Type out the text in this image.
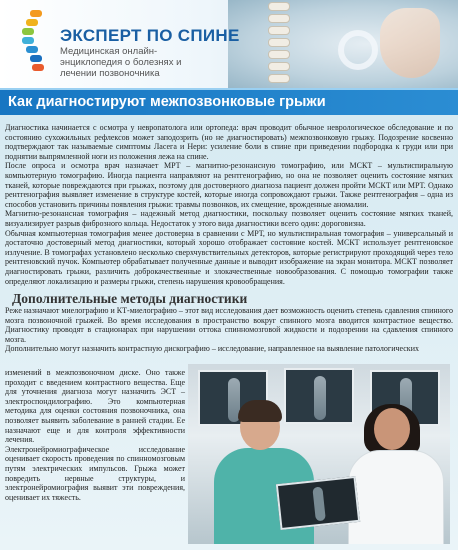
ЭКСПЕРТ ПО СПИНЕ
Медицинская онлайн-энциклопедия о болезнях и лечении позвоночника
Как диагностируют межпозвонковые грыжи

Диагностика начинается с осмотра у невропатолога или ортопеда: врач проводит обычное неврологическое обследование и по состоянию сухожильных рефлексов может заподозрить (но не диагностировать) межпозвонковую грыжу. Подозрение косвенно подтверждают так называемые симптомы Ласега и Нери: усиление боли в спине при приведении подбородка к груди или при поднятии выпрямленной ноги из положения лежа на спине.

После опроса и осмотра врач назначает МРТ – магнитно-резонансную томографию, или МСКТ – мультиспиральную компьютерную томографию. Иногда пациента направляют на рентгенографию, но она не позволяет оценить состояние мягких тканей, которые повреждаются при грыжах, поэтому для достоверного диагноза пациент должен пройти МСКТ или МРТ. Однако рентгенография выявляет изменение в структуре костей, которые иногда сопровождают грыжи. Также рентгенография – одна из способов установить причины появления грыжи: травмы позвонков, их смещение, врожденные аномалии.

Магнитно-резонансная томография – надежный метод диагностики, поскольку позволяет оценить состояние мягких тканей, визуализирует разрыв фиброзного кольца. Недостаток у этого вида диагностики всего один: дороговизна.

Обычная компьютерная томография менее достоверна в сравнении с МРТ, но мультиспиральная томография – универсальный и достаточно достоверный метод диагностики, который хорошо отображает состояние костей. МСКТ использует рентгеновское излучение. В томографах установлено несколько сверхчувствительных детекторов, которые регистрируют проходящий через тело рентгеновский пучок. Компьютер обрабатывает полученные данные и выводит изображение на экран монитора. МСКТ позволяет диагностировать грыжи, различить доброкачественные и злокачественные новообразования. С помощью томографии также определяют локализацию и размеры грыжи, степень нарушения кровообращения.

Дополнительные методы диагностики

Реже назначают миелографию и КТ-миелографию – этот вид исследования дает возможность оценить степень сдавления спинного мозга позвоночной грыжей. Во время исследования в пространство вокруг спинного мозга вводится контрастное вещество. Диагностику проводят в стационарах при нарушении оттока спинномозговой жидкости и подозрении на сдавления спинного мозга.

Дополнительно могут назначить контрастную дискографию – исследование, направленное на выявление патологических

изменений в межпозвоночном диске. Оно также проходит с введением контрастного вещества. Еще для уточнения диагноза могут назначить ЭСТ – электроспондилографию. Это компьютерная методика для оценки состояния позвоночника, она позволяет выявить заболевание в ранней стадии. Ее назначают еще и для контроля эффективности лечения.

Электронейромиографическое исследование оценивает скорость проведения по спинномозговым путям электрических импульсов. Грыжа может повредить нервные структуры, и электронейромиография выявит эти повреждения, оценивает их тяжесть.
